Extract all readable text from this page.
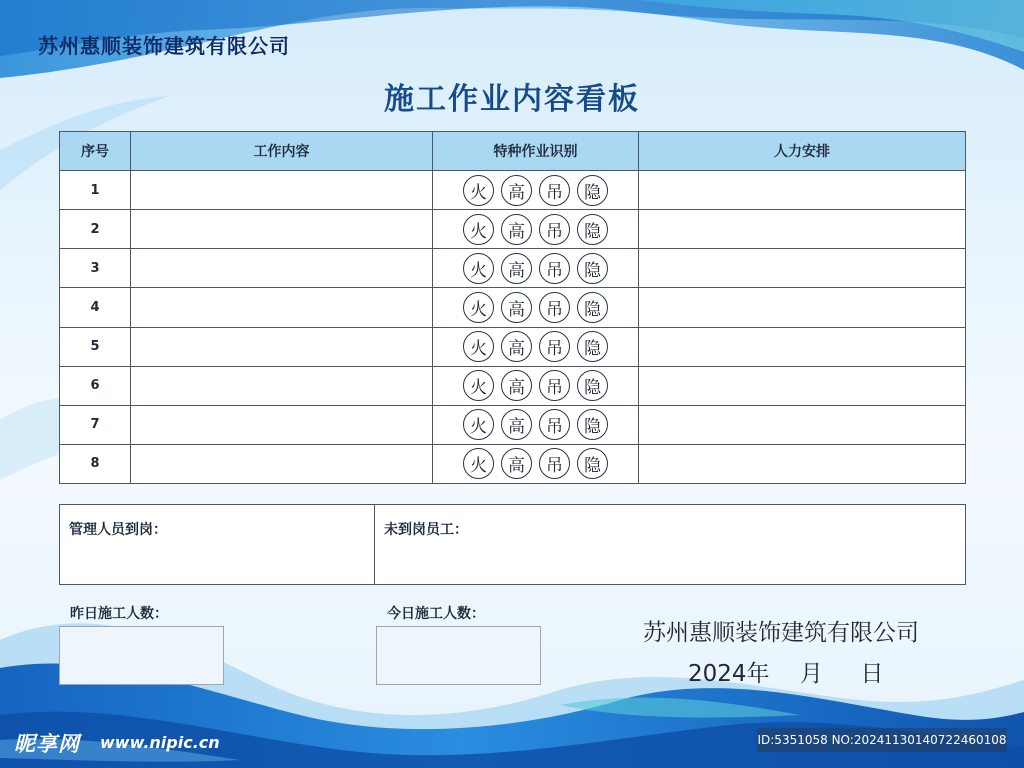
苏州惠顺装饰建筑有限公司
施工作业内容看板
序号	工作内容	特种作业识别	人力安排
1		火 高 吊 隐	

2		火 高 吊 隐	

3		火 高 吊 隐	

4		火 高 吊 隐	

5		火 高 吊 隐	

6		火 高 吊 隐	

7		火 高 吊 隐	

8		火 高 吊 隐	

管理人员到岗：	未到岗员工：
昨日施工人数：	今日施工人数：
苏州惠顺装饰建筑有限公司
2024年　 月　  日
昵享网 www.nipic.cn	ID:5351058 NO:20241130140722460108
